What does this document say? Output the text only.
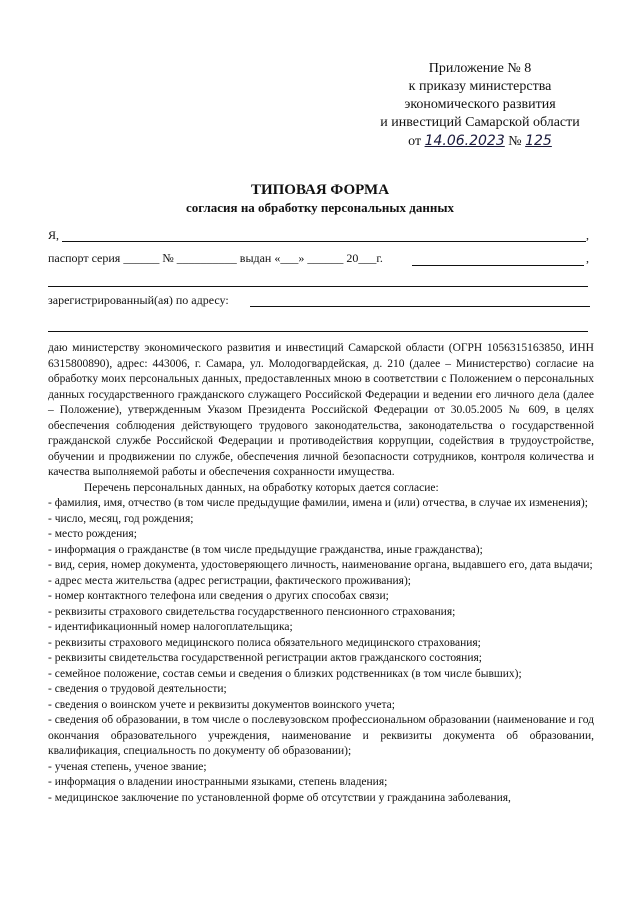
Приложение № 8
к приказу министерства
экономического развития
и инвестиций Самарской области
от 14.06.2023 № 125
ТИПОВАЯ ФОРМА
согласия на обработку персональных данных
Я,	,
паспорт серия ______ № __________ выдан «___» ______ 20___г.	,
зарегистрированный(ая) по адресу:

даю министерству экономического развития и инвестиций Самарской области (ОГРН 1056315163850, ИНН 6315800890), адрес: 443006, г. Самара, ул. Молодогвардейская, д. 210 (далее – Министерство) согласие на обработку моих персональных данных, предоставленных мною в соответствии с Положением о персональных данных государственного гражданского служащего Российской Федерации и ведении его личного дела (далее – Положение), утвержденным Указом Президента Российской Федерации от 30.05.2005 № 609, в целях обеспечения соблюдения действующего трудового законодательства, законодательства о государственной гражданской службе Российской Федерации и противодействия коррупции, содействия в трудоустройстве, обучении и продвижении по службе, обеспечения личной безопасности сотрудников, контроля количества и качества выполняемой работы и обеспечения сохранности имущества.

Перечень персональных данных, на обработку которых дается согласие:

- фамилия, имя, отчество (в том числе предыдущие фамилии, имена и (или) отчества, в случае их изменения);

- число, месяц, год рождения;

- место рождения;

- информация о гражданстве (в том числе предыдущие гражданства, иные гражданства);

- вид, серия, номер документа, удостоверяющего личность, наименование органа, выдавшего его, дата выдачи;

- адрес места жительства (адрес регистрации, фактического проживания);

- номер контактного телефона или сведения о других способах связи;

- реквизиты страхового свидетельства государственного пенсионного страхования;

- идентификационный номер налогоплательщика;

- реквизиты страхового медицинского полиса обязательного медицинского страхования;

- реквизиты свидетельства государственной регистрации актов гражданского состояния;

- семейное положение, состав семьи и сведения о близких родственниках (в том числе бывших);

- сведения о трудовой деятельности;

- сведения о воинском учете и реквизиты документов воинского учета;

- сведения об образовании, в том числе о послевузовском профессиональном образовании (наименование и год окончания образовательного учреждения, наименование и реквизиты документа об образовании, квалификация, специальность по документу об образовании);

- ученая степень, ученое звание;

- информация о владении иностранными языками, степень владения;

- медицинское заключение по установленной форме об отсутствии у гражданина заболевания,
